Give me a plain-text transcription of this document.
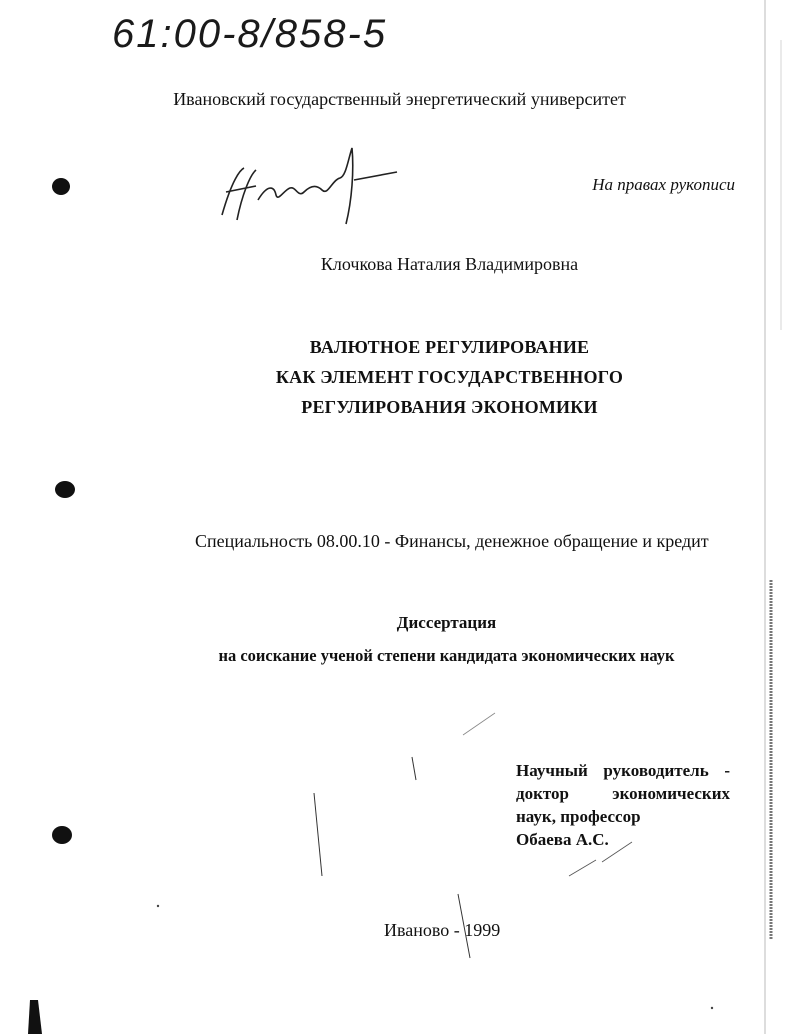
61:00-8/858-5
Ивановский государственный энергетический университет
На правах рукописи
Клочкова Наталия Владимировна
ВАЛЮТНОЕ РЕГУЛИРОВАНИЕ
КАК ЭЛЕМЕНТ ГОСУДАРСТВЕННОГО
РЕГУЛИРОВАНИЯ ЭКОНОМИКИ
Специальность 08.00.10 - Финансы, денежное обращение и кредит
Диссертация
на соискание ученой степени кандидата экономических наук
Научный руководитель -
доктор экономических
наук, профессор
Обаева А.С.
Иваново - 1999
